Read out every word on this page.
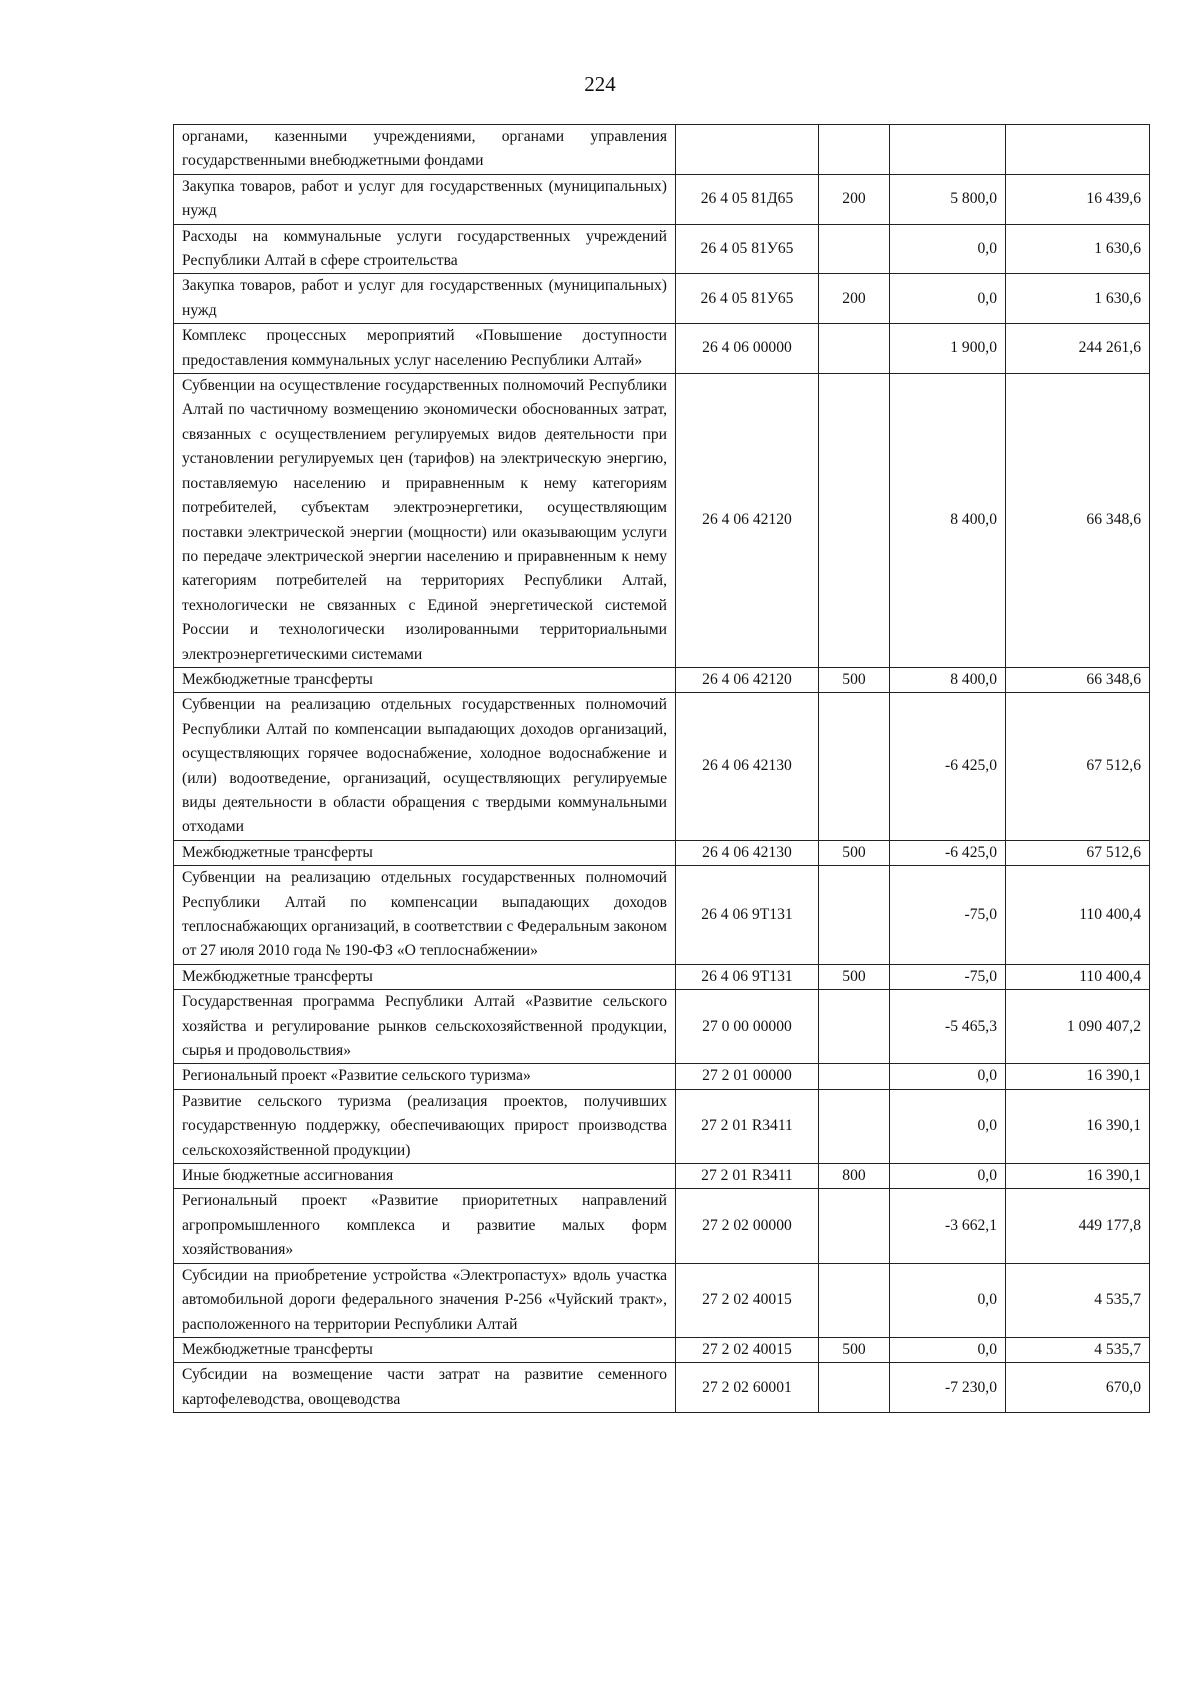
224
органами, казенными учреждениями, органами управления государственными внебюджетными фондами				
Закупка товаров, работ и услуг для государственных (муниципальных) нужд	26 4 05 81Д65	200	5 800,0	16 439,6
Расходы на коммунальные услуги государственных учреждений Республики Алтай в сфере строительства	26 4 05 81У65		0,0	1 630,6
Закупка товаров, работ и услуг для государственных (муниципальных) нужд	26 4 05 81У65	200	0,0	1 630,6
Комплекс процессных мероприятий «Повышение доступности предоставления коммунальных услуг населению Республики Алтай»	26 4 06 00000		1 900,0	244 261,6
Субвенции на осуществление государственных полномочий Республики Алтай по частичному возмещению экономически обоснованных затрат, связанных с осуществлением регулируемых видов деятельности при установлении регулируемых цен (тарифов) на электрическую энергию, поставляемую населению и приравненным к нему категориям потребителей, субъектам электроэнергетики, осуществляющим поставки электрической энергии (мощности) или оказывающим услуги по передаче электрической энергии населению и приравненным к нему категориям потребителей на территориях Республики Алтай, технологически не связанных с Единой энергетической системой России и технологически изолированными территориальными электроэнергетическими системами	26 4 06 42120		8 400,0	66 348,6
Межбюджетные трансферты	26 4 06 42120	500	8 400,0	66 348,6
Субвенции на реализацию отдельных государственных полномочий Республики Алтай по компенсации выпадающих доходов организаций, осуществляющих горячее водоснабжение, холодное водоснабжение и (или) водоотведение, организаций, осуществляющих регулируемые виды деятельности в области обращения с твердыми коммунальными отходами	26 4 06 42130		-6 425,0	67 512,6
Межбюджетные трансферты	26 4 06 42130	500	-6 425,0	67 512,6
Субвенции на реализацию отдельных государственных полномочий Республики Алтай по компенсации выпадающих доходов теплоснабжающих организаций, в соответствии с Федеральным законом от 27 июля 2010 года № 190-ФЗ «О теплоснабжении»	26 4 06 9Т131		-75,0	110 400,4
Межбюджетные трансферты	26 4 06 9Т131	500	-75,0	110 400,4
Государственная программа Республики Алтай «Развитие сельского хозяйства и регулирование рынков сельскохозяйственной продукции, сырья и продовольствия»	27 0 00 00000		-5 465,3	1 090 407,2
Региональный проект «Развитие сельского туризма»	27 2 01 00000		0,0	16 390,1
Развитие сельского туризма (реализация проектов, получивших государственную поддержку, обеспечивающих прирост производства сельскохозяйственной продукции)	27 2 01 R3411		0,0	16 390,1
Иные бюджетные ассигнования	27 2 01 R3411	800	0,0	16 390,1
Региональный проект «Развитие приоритетных направлений агропромышленного комплекса и развитие малых форм хозяйствования»	27 2 02 00000		-3 662,1	449 177,8
Субсидии на приобретение устройства «Электропастух» вдоль участка автомобильной дороги федерального значения Р-256 «Чуйский тракт», расположенного на территории Республики Алтай	27 2 02 40015		0,0	4 535,7
Межбюджетные трансферты	27 2 02 40015	500	0,0	4 535,7
Субсидии на возмещение части затрат на развитие семенного картофелеводства, овощеводства	27 2 02 60001		-7 230,0	670,0
